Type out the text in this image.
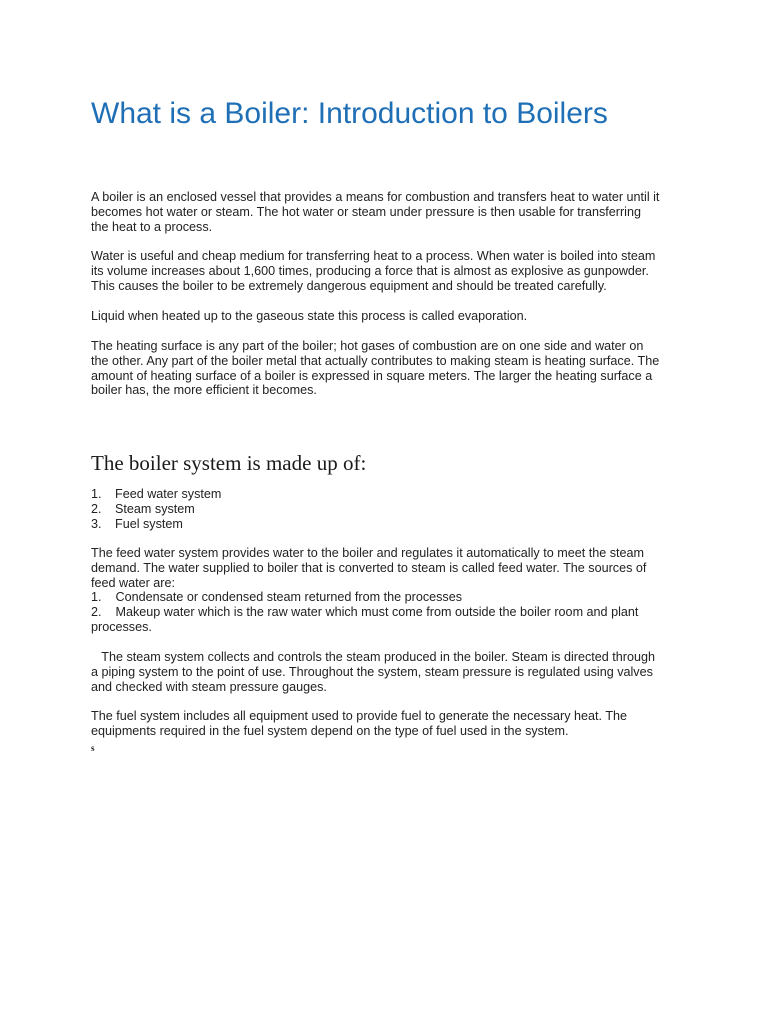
What is a Boiler: Introduction to Boilers
A boiler is an enclosed vessel that provides a means for combustion and transfers heat to water until it
becomes hot water or steam. The hot water or steam under pressure is then usable for transferring
the heat to a process.
Water is useful and cheap medium for transferring heat to a process. When water is boiled into steam
its volume increases about 1,600 times, producing a force that is almost as explosive as gunpowder.
This causes the boiler to be extremely dangerous equipment and should be treated carefully.
Liquid when heated up to the gaseous state this process is called evaporation.
The heating surface is any part of the boiler; hot gases of combustion are on one side and water on
the other. Any part of the boiler metal that actually contributes to making steam is heating surface. The
amount of heating surface of a boiler is expressed in square meters. The larger the heating surface a
boiler has, the more efficient it becomes.
The boiler system is made up of:
1.	Feed water system
2.	Steam system
3.	Fuel system
The feed water system provides water to the boiler and regulates it automatically to meet the steam
demand. The water supplied to boiler that is converted to steam is called feed water. The sources of
feed water are:
1.    Condensate or condensed steam returned from the processes
2.    Makeup water which is the raw water which must come from outside the boiler room and plant
processes.
The steam system collects and controls the steam produced in the boiler. Steam is directed through
a piping system to the point of use. Throughout the system, steam pressure is regulated using valves
and checked with steam pressure gauges.
The fuel system includes all equipment used to provide fuel to generate the necessary heat. The
equipments required in the fuel system depend on the type of fuel used in the system.
s
